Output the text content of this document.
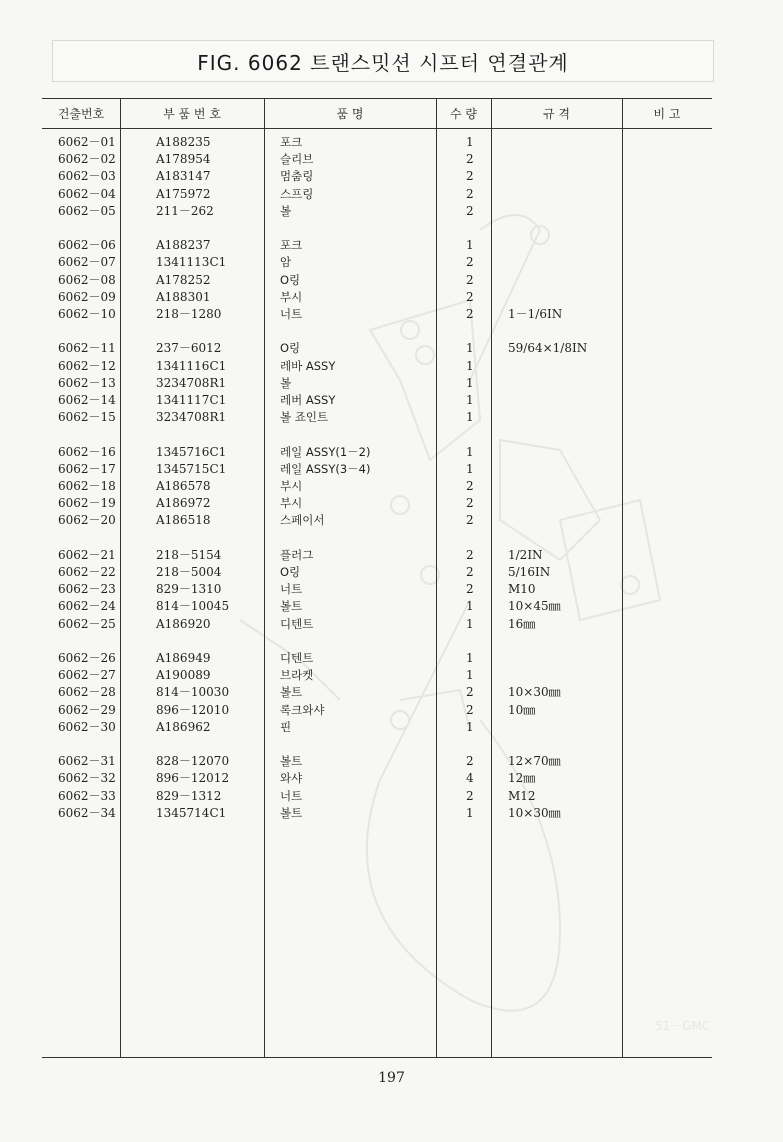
51－GMC
FIG. 6062 트랜스밋션 시프터 연결관계
건출번호	부 품 번 호	품 명	수 량	규 격	비 고
6062－01	A188235	포크	1
6062－02	A178954	슬리브	2
6062－03	A183147	멈춤링	2
6062－04	A175972	스프링	2
6062－05	211－262	볼	2
6062－06	A188237	포크	1
6062－07	1341113C1	암	2
6062－08	A178252	O링	2
6062－09	A188301	부시	2
6062－10	218－1280	너트	2	1－1/6IN
6062－11	237－6012	O링	1	59/64×1/8IN
6062－12	1341116C1	레바 ASSY	1
6062－13	3234708R1	볼	1
6062－14	1341117C1	레버 ASSY	1
6062－15	3234708R1	볼 죠인트	1
6062－16	1345716C1	레일 ASSY(1－2)	1
6062－17	1345715C1	레일 ASSY(3－4)	1
6062－18	A186578	부시	2
6062－19	A186972	부시	2
6062－20	A186518	스페이서	2
6062－21	218－5154	플러그	2	1/2IN
6062－22	218－5004	O링	2	5/16IN
6062－23	829－1310	너트	2	M10
6062－24	814－10045	볼트	1	10×45㎜
6062－25	A186920	디텐트	1	16㎜
6062－26	A186949	디텐트	1
6062－27	A190089	브라켓	1
6062－28	814－10030	볼트	2	10×30㎜
6062－29	896－12010	록크와샤	2	10㎜
6062－30	A186962	핀	1
6062－31	828－12070	볼트	2	12×70㎜
6062－32	896－12012	와샤	4	12㎜
6062－33	829－1312	너트	2	M12
6062－34	1345714C1	볼트	1	10×30㎜
197
